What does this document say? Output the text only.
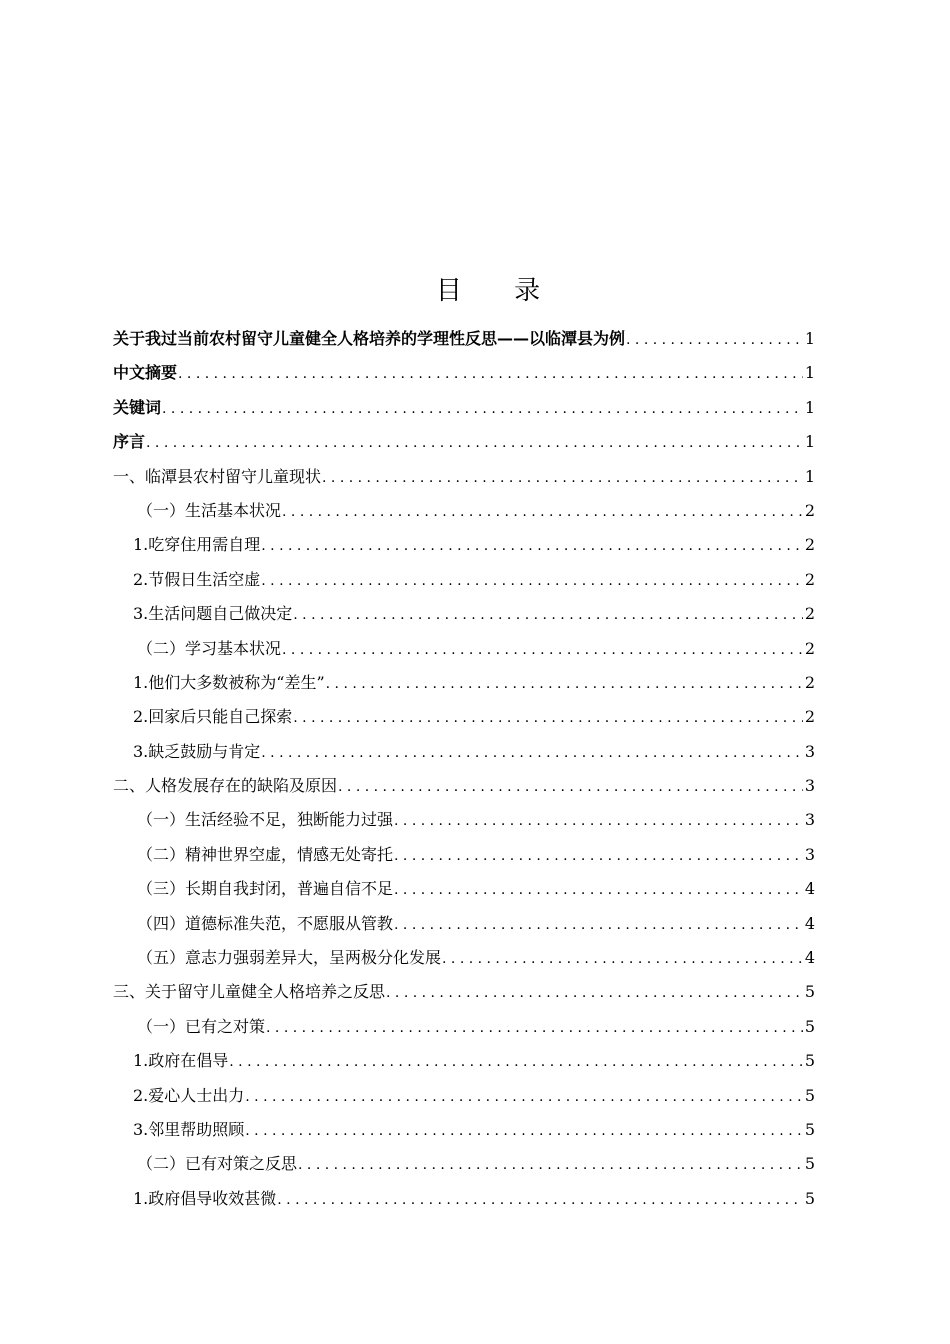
目 录
关于我过当前农村留守儿童健全人格培养的学理性反思——以临潭县为例 . . .	1
中文摘要 . . .	1
关键词 . . .	1
序言 . . .	1
一、临潭县农村留守儿童现状 . . .	1
（一）生活基本状况 . . .	2
1.吃穿住用需自理 . . .	2
2.节假日生活空虚 . . .	2
3.生活问题自己做决定 . . .	2
（二）学习基本状况 . . .	2
1.他们大多数被称为“差生” . . .	2
2.回家后只能自己探索 . . .	2
3.缺乏鼓励与肯定 . . .	3
二、人格发展存在的缺陷及原因 . . .	3
（一）生活经验不足，独断能力过强 . . .	3
（二）精神世界空虚，情感无处寄托 . . .	3
（三）长期自我封闭，普遍自信不足 . . .	4
（四）道德标准失范，不愿服从管教 . . .	4
（五）意志力强弱差异大，呈两极分化发展 . . .	4
三、关于留守儿童健全人格培养之反思 . . .	5
（一）已有之对策 . . .	5
1.政府在倡导 . . .	5
2.爱心人士出力 . . .	5
3.邻里帮助照顾 . . .	5
（二）已有对策之反思 . . .	5
1.政府倡导收效甚微 . . .	5
